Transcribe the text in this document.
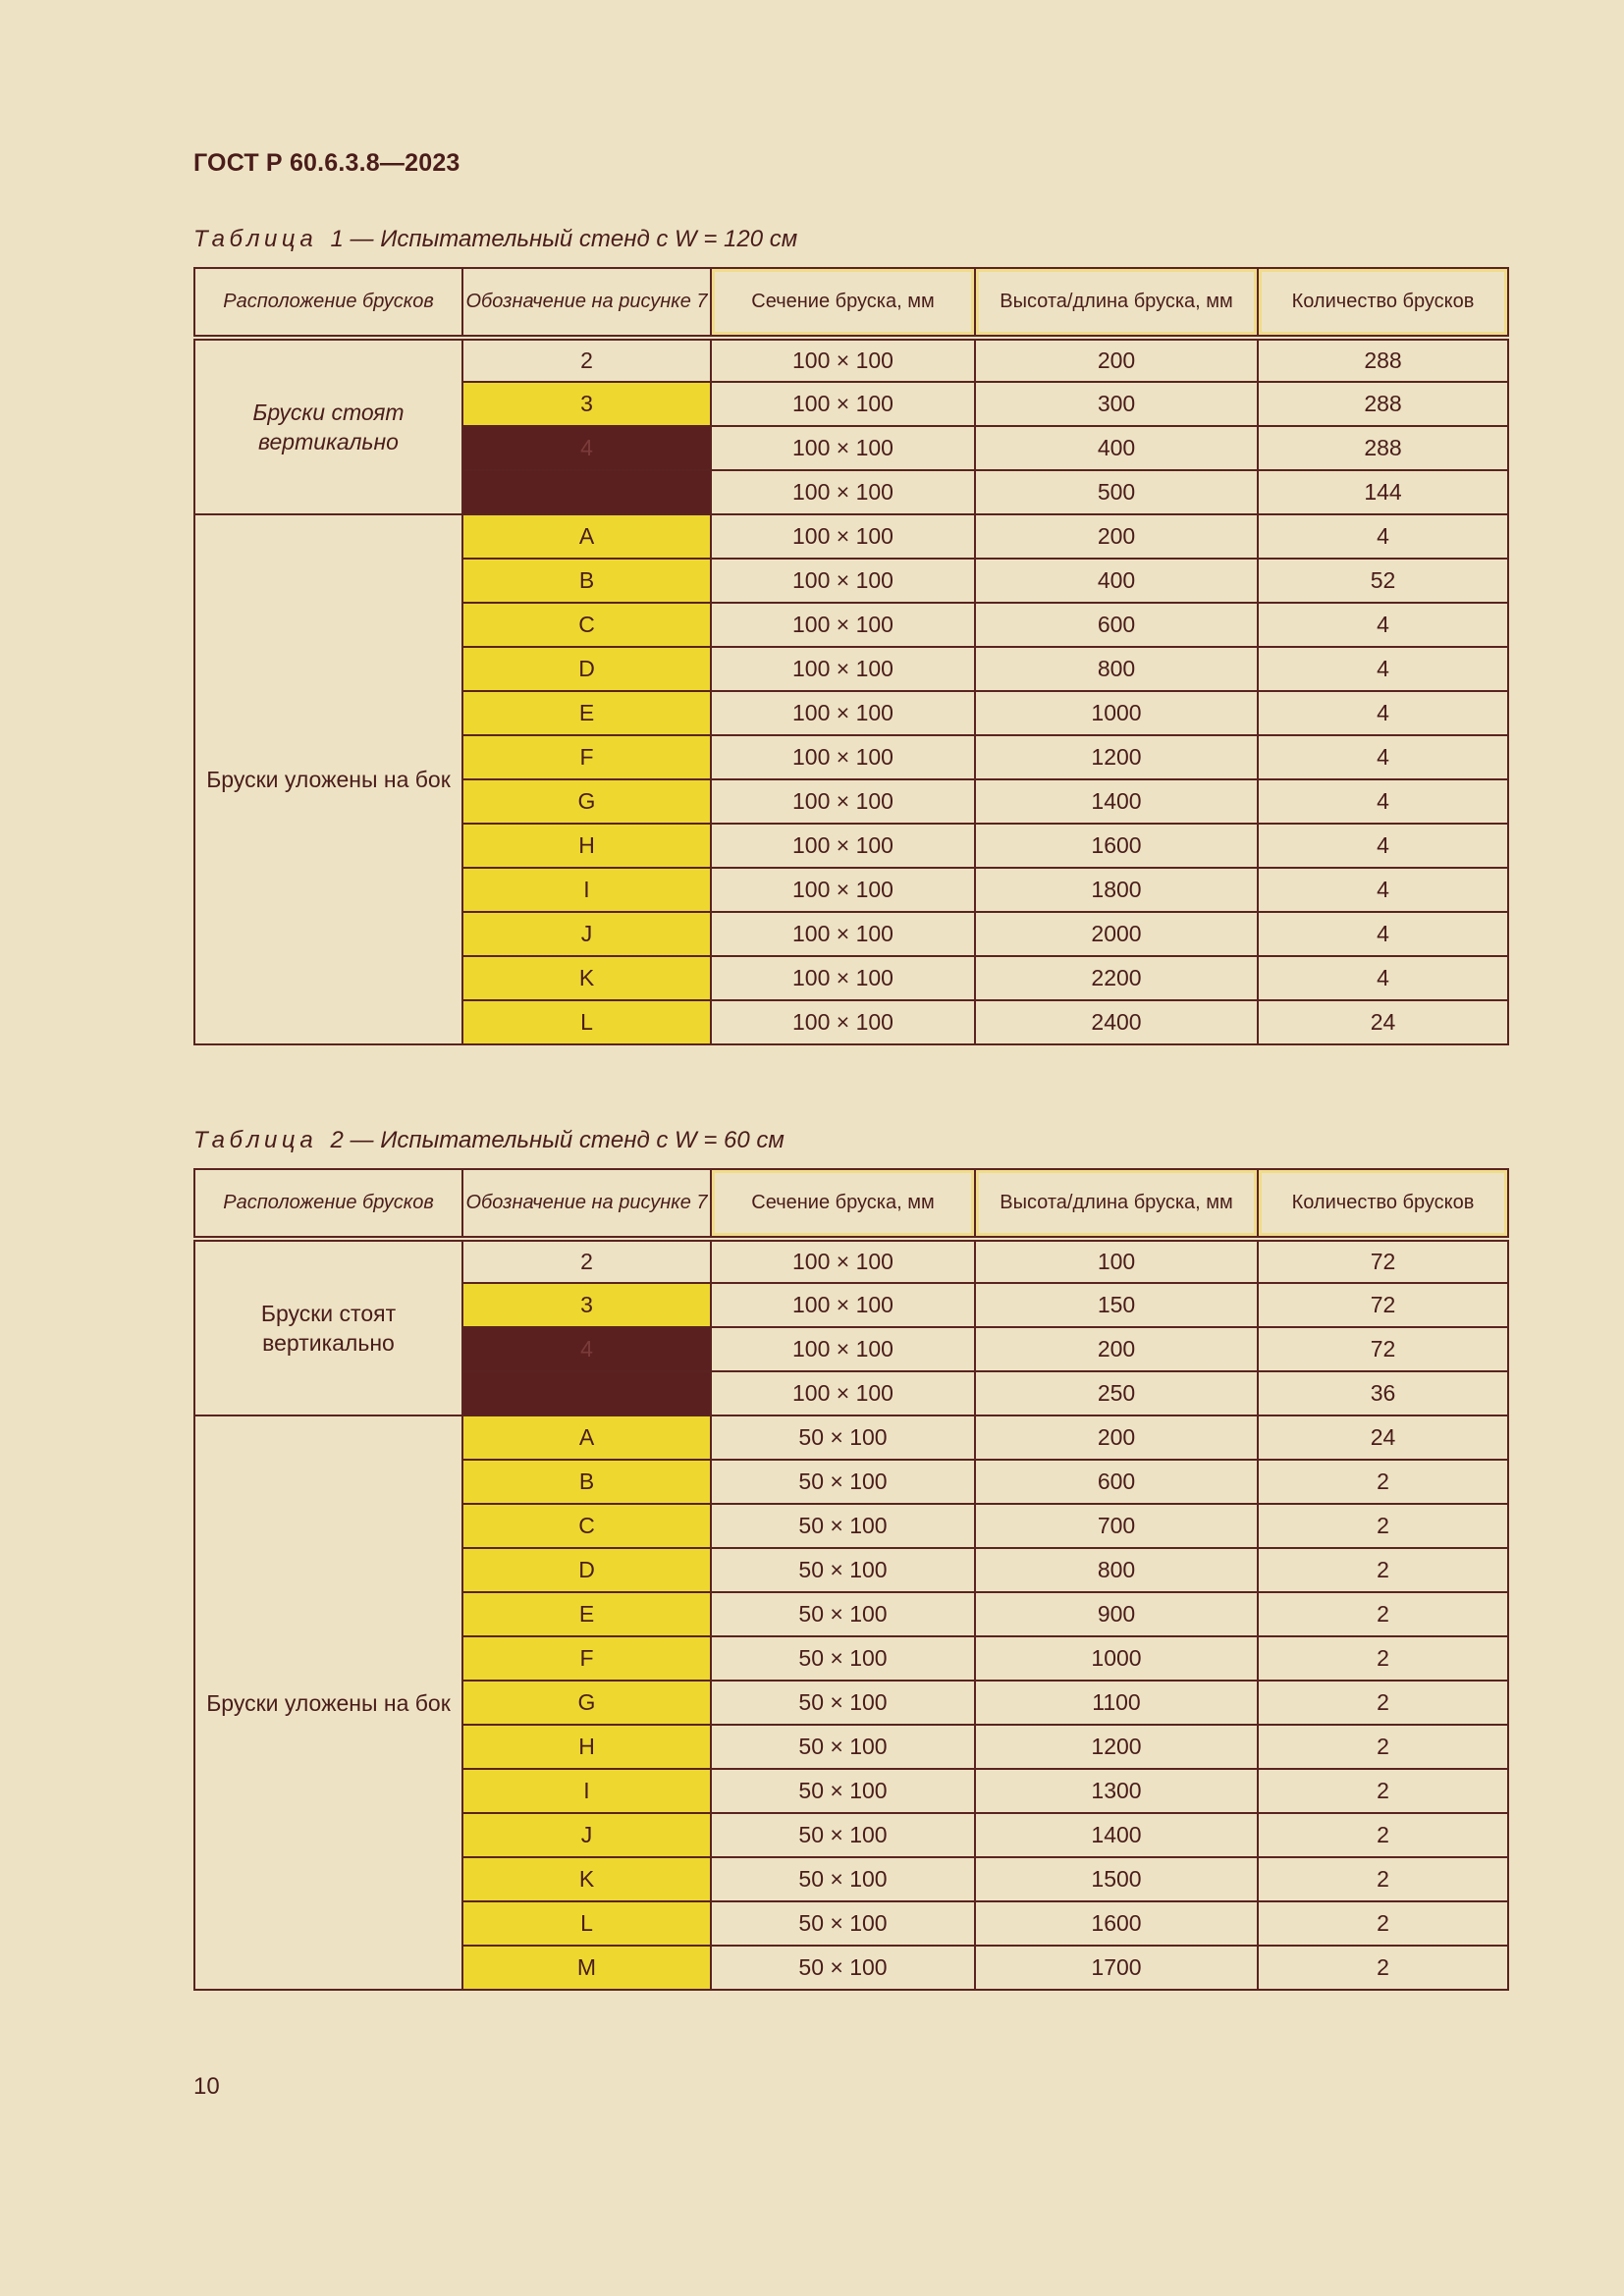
ГОСТ Р 60.6.3.8—2023
Таблица 1 — Испытательный стенд с W = 120 см
Расположение брусков	Обозначение на рисунке 7	Сечение бруска, мм	Высота/длина бруска, мм	Количество брусков
Бруски стоят вертикально	2	100 × 100	200	288
	3	100 × 100	300	288
	4	100 × 100	400	288
		100 × 100	500	144
Бруски уложены на бок	A	100 × 100	200	4
	B	100 × 100	400	52
	C	100 × 100	600	4
	D	100 × 100	800	4
	E	100 × 100	1000	4
	F	100 × 100	1200	4
	G	100 × 100	1400	4
	H	100 × 100	1600	4
	I	100 × 100	1800	4
	J	100 × 100	2000	4
	K	100 × 100	2200	4
	L	100 × 100	2400	24
Таблица 2 — Испытательный стенд с W = 60 см
Расположение брусков	Обозначение на рисунке 7	Сечение бруска, мм	Высота/длина бруска, мм	Количество брусков
Бруски стоят вертикально	2	100 × 100	100	72
	3	100 × 100	150	72
	4	100 × 100	200	72
		100 × 100	250	36
Бруски уложены на бок	A	50 × 100	200	24
	B	50 × 100	600	2
	C	50 × 100	700	2
	D	50 × 100	800	2
	E	50 × 100	900	2
	F	50 × 100	1000	2
	G	50 × 100	1100	2
	H	50 × 100	1200	2
	I	50 × 100	1300	2
	J	50 × 100	1400	2
	K	50 × 100	1500	2
	L	50 × 100	1600	2
	M	50 × 100	1700	2
10
